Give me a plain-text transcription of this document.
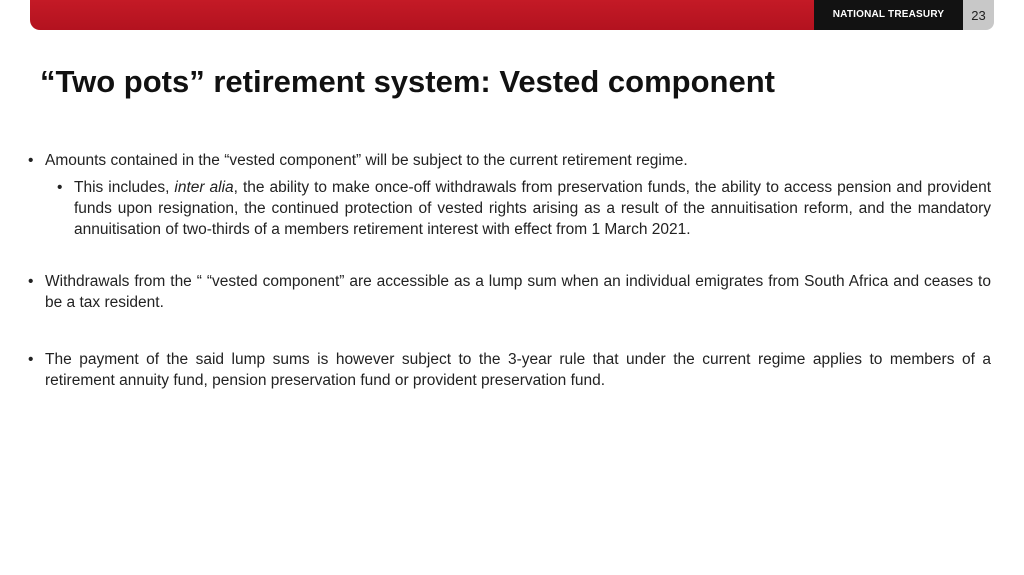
NATIONAL TREASURY	23
“Two pots” retirement system: Vested component
• Amounts contained in the “vested component” will be subject to the current retirement regime.
• This includes, inter alia, the ability to make once-off withdrawals from preservation funds, the ability to access pension and provident funds upon resignation, the continued protection of vested rights arising as a result of the annuitisation reform, and the mandatory annuitisation of two-thirds of a members retirement interest with effect from 1 March 2021.
• Withdrawals from the “ “vested component” are accessible as a lump sum when an individual emigrates from South Africa and ceases to be a tax resident.
• The payment of the said lump sums is however subject to the 3-year rule that under the current regime applies to members of a retirement annuity fund, pension preservation fund or provident preservation fund.
